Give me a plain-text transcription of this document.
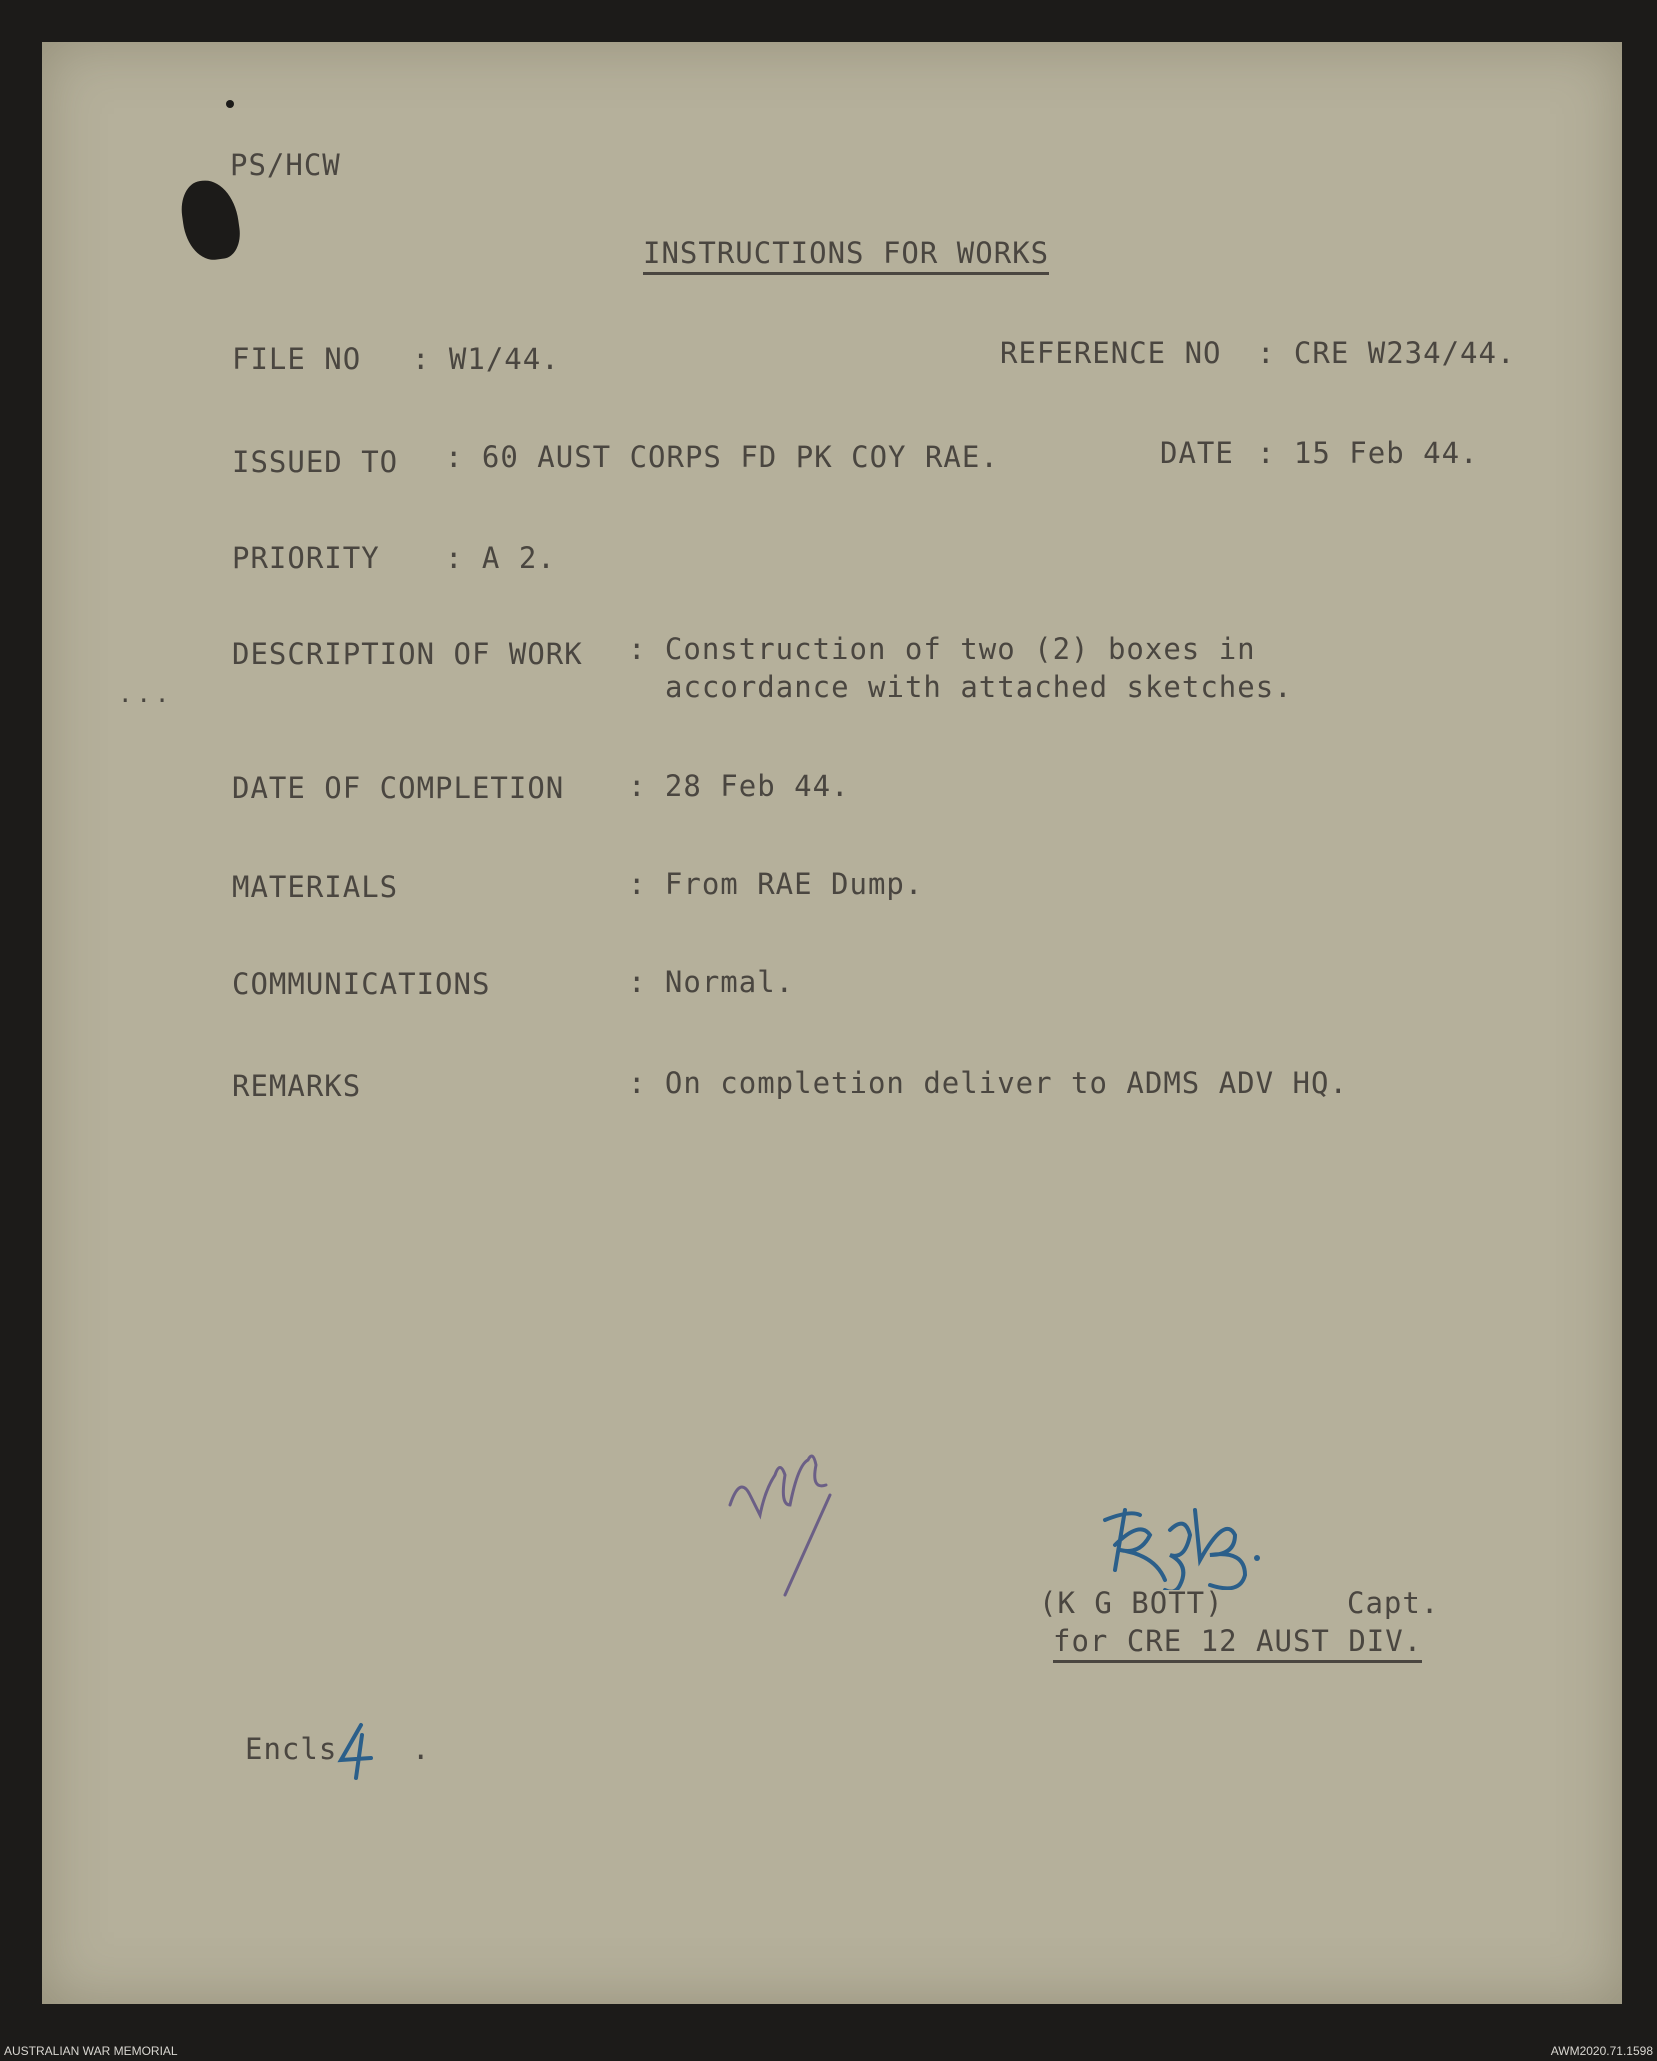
PS/HCW
INSTRUCTIONS FOR WORKS
FILE NO : W1/44.	REFERENCE NO : CRE W234/44.
ISSUED TO : 60 AUST CORPS FD PK COY RAE.	DATE : 15 Feb 44.
PRIORITY : A 2.
DESCRIPTION OF WORK : Construction of two (2) boxes in
accordance with attached sketches.
...
DATE OF COMPLETION : 28 Feb 44.
MATERIALS	: From RAE Dump.
COMMUNICATIONS	: Normal.
REMARKS	: On completion deliver to ADMS ADV HQ.
(K G BOTT)	Capt.
for CRE 12 AUST DIV.
Encls	.
AUSTRALIAN WAR MEMORIAL	AWM2020.71.1598
